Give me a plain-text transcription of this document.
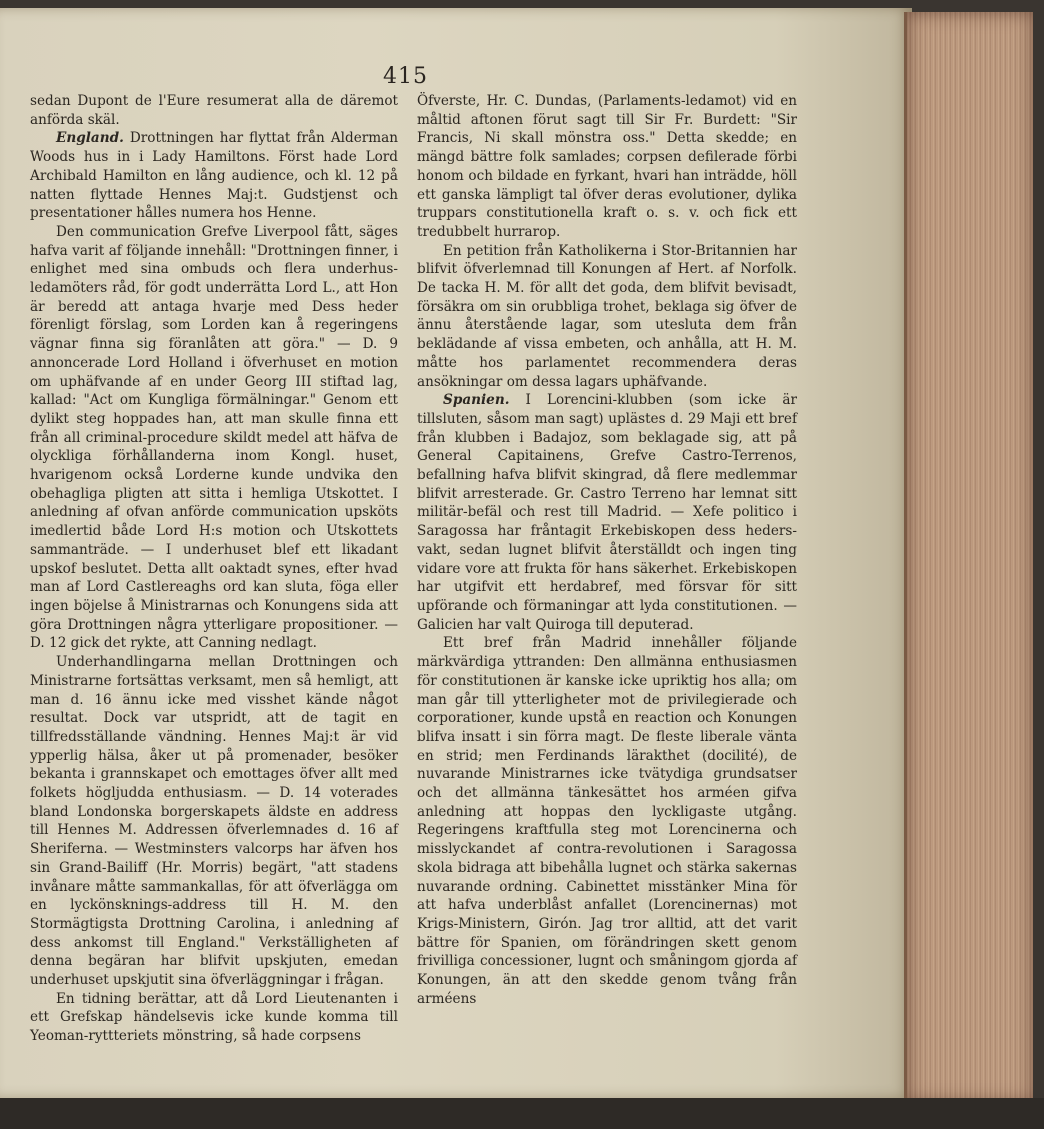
415

sedan Dupont de l'Eure resumerat alla de däremot anförda skäl.

England. Drottningen har flyttat från Alderman Woods hus in i Lady Hamiltons. Först hade Lord Archibald Hamilton en lång audience, och kl. 12 på natten flyttade Hennes Maj:t. Gudstjenst och presentationer hålles numera hos Henne.

Den communication Grefve Liverpool fått, säges hafva varit af följande innehåll: "Drottningen finner, i enlighet med sina ombuds och flera underhus-ledamöters råd, för godt underrätta Lord L., att Hon är beredd att antaga hvarje med Dess heder förenligt förslag, som Lorden kan å regeringens vägnar finna sig föranlåten att göra." — D. 9 annoncerade Lord Holland i öfverhuset en motion om uphäfvande af en under Georg III stiftad lag, kallad: "Act om Kungliga förmälningar." Genom ett dylikt steg hoppades han, att man skulle finna ett från all criminal-procedure skildt medel att häfva de olyckliga förhållanderna inom Kongl. huset, hvarigenom också Lorderne kunde undvika den obehagliga pligten att sitta i hemliga Utskottet. I anledning af ofvan anförde communication upsköts imedlertid både Lord H:s motion och Utskottets sammanträde. — I underhuset blef ett likadant upskof beslutet. Detta allt oaktadt synes, efter hvad man af Lord Castlereaghs ord kan sluta, föga eller ingen böjelse å Ministrarnas och Konungens sida att göra Drottningen några ytterligare propositioner. — D. 12 gick det rykte, att Canning nedlagt.

Underhandlingarna mellan Drottningen och Ministrarne fortsättas verksamt, men så hemligt, att man d. 16 ännu icke med visshet kände något resultat. Dock var utspridt, att de tagit en tillfredsställande vändning. Hennes Maj:t är vid ypperlig hälsa, åker ut på promenader, besöker bekanta i grannskapet och emottages öfver allt med folkets högljudda enthusiasm. — D. 14 voterades bland Londonska borgerskapets äldste en address till Hennes M. Addressen öfverlemnades d. 16 af Sheriferna. — Westminsters valcorps har äfven hos sin Grand-Bailiff (Hr. Morris) begärt, "att stadens invånare måtte sammankallas, för att öfverlägga om en lyckönsknings-address till H. M. den Stormägtigsta Drottning Carolina, i anledning af dess ankomst till England." Verkställigheten af denna begäran har blifvit upskjuten, emedan underhuset upskjutit sina öfverläggningar i frågan.

En tidning berättar, att då Lord Lieutenanten i ett Grefskap händelsevis icke kunde komma till Yeoman-ryttteriets mönstring, så hade corpsens

Öfverste, Hr. C. Dundas, (Parlaments-ledamot) vid en måltid aftonen förut sagt till Sir Fr. Burdett: "Sir Francis, Ni skall mönstra oss." Detta skedde; en mängd bättre folk samlades; corpsen defilerade förbi honom och bildade en fyrkant, hvari han inträdde, höll ett ganska lämpligt tal öfver deras evolutioner, dylika truppars constitutionella kraft o. s. v. och fick ett tredubbelt hurrarop.

En petition från Katholikerna i Stor-Britannien har blifvit öfverlemnad till Konungen af Hert. af Norfolk. De tacka H. M. för allt det goda, dem blifvit bevisadt, försäkra om sin orubbliga trohet, beklaga sig öfver de ännu återstående lagar, som utesluta dem från beklädande af vissa embeten, och anhålla, att H. M. måtte hos parlamentet recommendera deras ansökningar om dessa lagars uphäfvande.

Spanien. I Lorencini-klubben (som icke är tillsluten, såsom man sagt) uplästes d. 29 Maji ett bref från klubben i Badajoz, som beklagade sig, att på General Capitainens, Grefve Castro-Terrenos, befallning hafva blifvit skingrad, då flere medlemmar blifvit arresterade. Gr. Castro Terreno har lemnat sitt militär-befäl och rest till Madrid. — Xefe politico i Saragossa har fråntagit Erkebiskopen dess heders-vakt, sedan lugnet blifvit återställdt och ingen ting vidare vore att frukta för hans säkerhet. Erkebiskopen har utgifvit ett herdabref, med försvar för sitt upförande och förmaningar att lyda constitutionen. — Galicien har valt Quiroga till deputerad.

Ett bref från Madrid innehåller följande märkvärdiga yttranden: Den allmänna enthusiasmen för constitutionen är kanske icke upriktig hos alla; om man går till ytterligheter mot de privilegierade och corporationer, kunde upstå en reaction och Konungen blifva insatt i sin förra magt. De fleste liberale vänta en strid; men Ferdinands lärakthet (docilité), de nuvarande Ministrarnes icke tvätydiga grundsatser och det allmänna tänkesättet hos arméen gifva anledning att hoppas den lyckligaste utgång. Regeringens kraftfulla steg mot Lorencinerna och misslyckandet af contra-revolutionen i Saragossa skola bidraga att bibehålla lugnet och stärka sakernas nuvarande ordning. Cabinettet misstänker Mina för att hafva underblåst anfallet (Lorencinernas) mot Krigs-Ministern, Girón. Jag tror alltid, att det varit bättre för Spanien, om förändringen skett genom frivilliga concessioner, lugnt och småningom gjorda af Konungen, än att den skedde genom tvång från arméens
